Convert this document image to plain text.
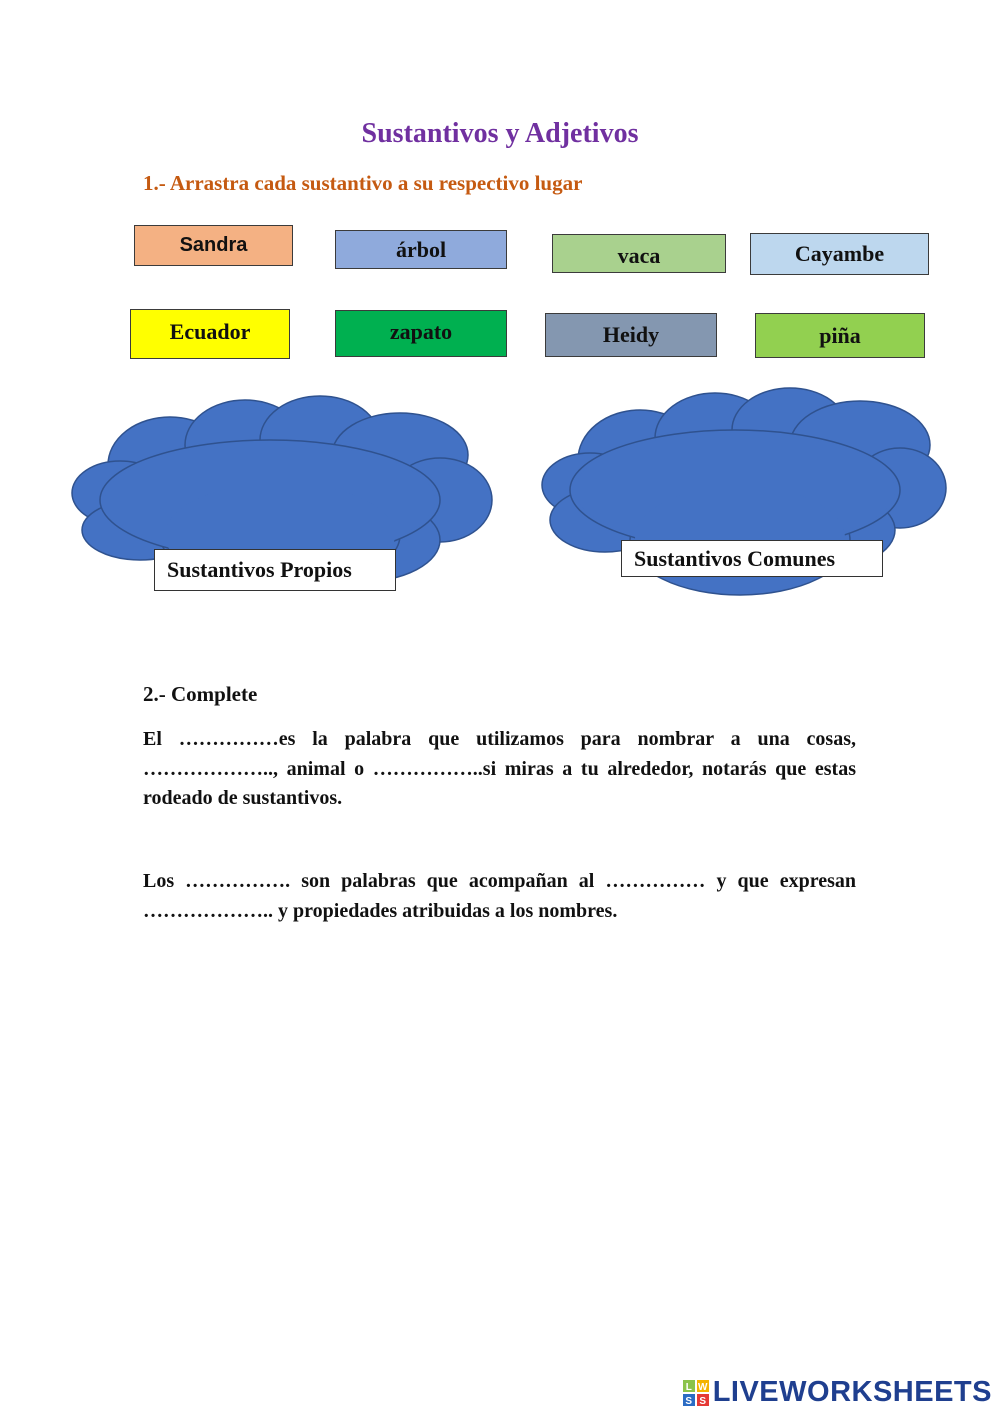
Sustantivos y Adjetivos
1.- Arrastra cada sustantivo a su respectivo lugar
Sandra	árbol	vaca	Cayambe
Ecuador	zapato	Heidy	piña
Sustantivos Propios	Sustantivos Comunes
2.- Complete
El ……………es la palabra que utilizamos para nombrar a una cosas, ……………….., animal o ……………..si miras a tu alrededor, notarás que estas rodeado de sustantivos.
Los ……………. son palabras que acompañan al …………… y que expresan ……………….. y propiedades atribuidas a los nombres.
L W
S S LIVEWORKSHEETS
